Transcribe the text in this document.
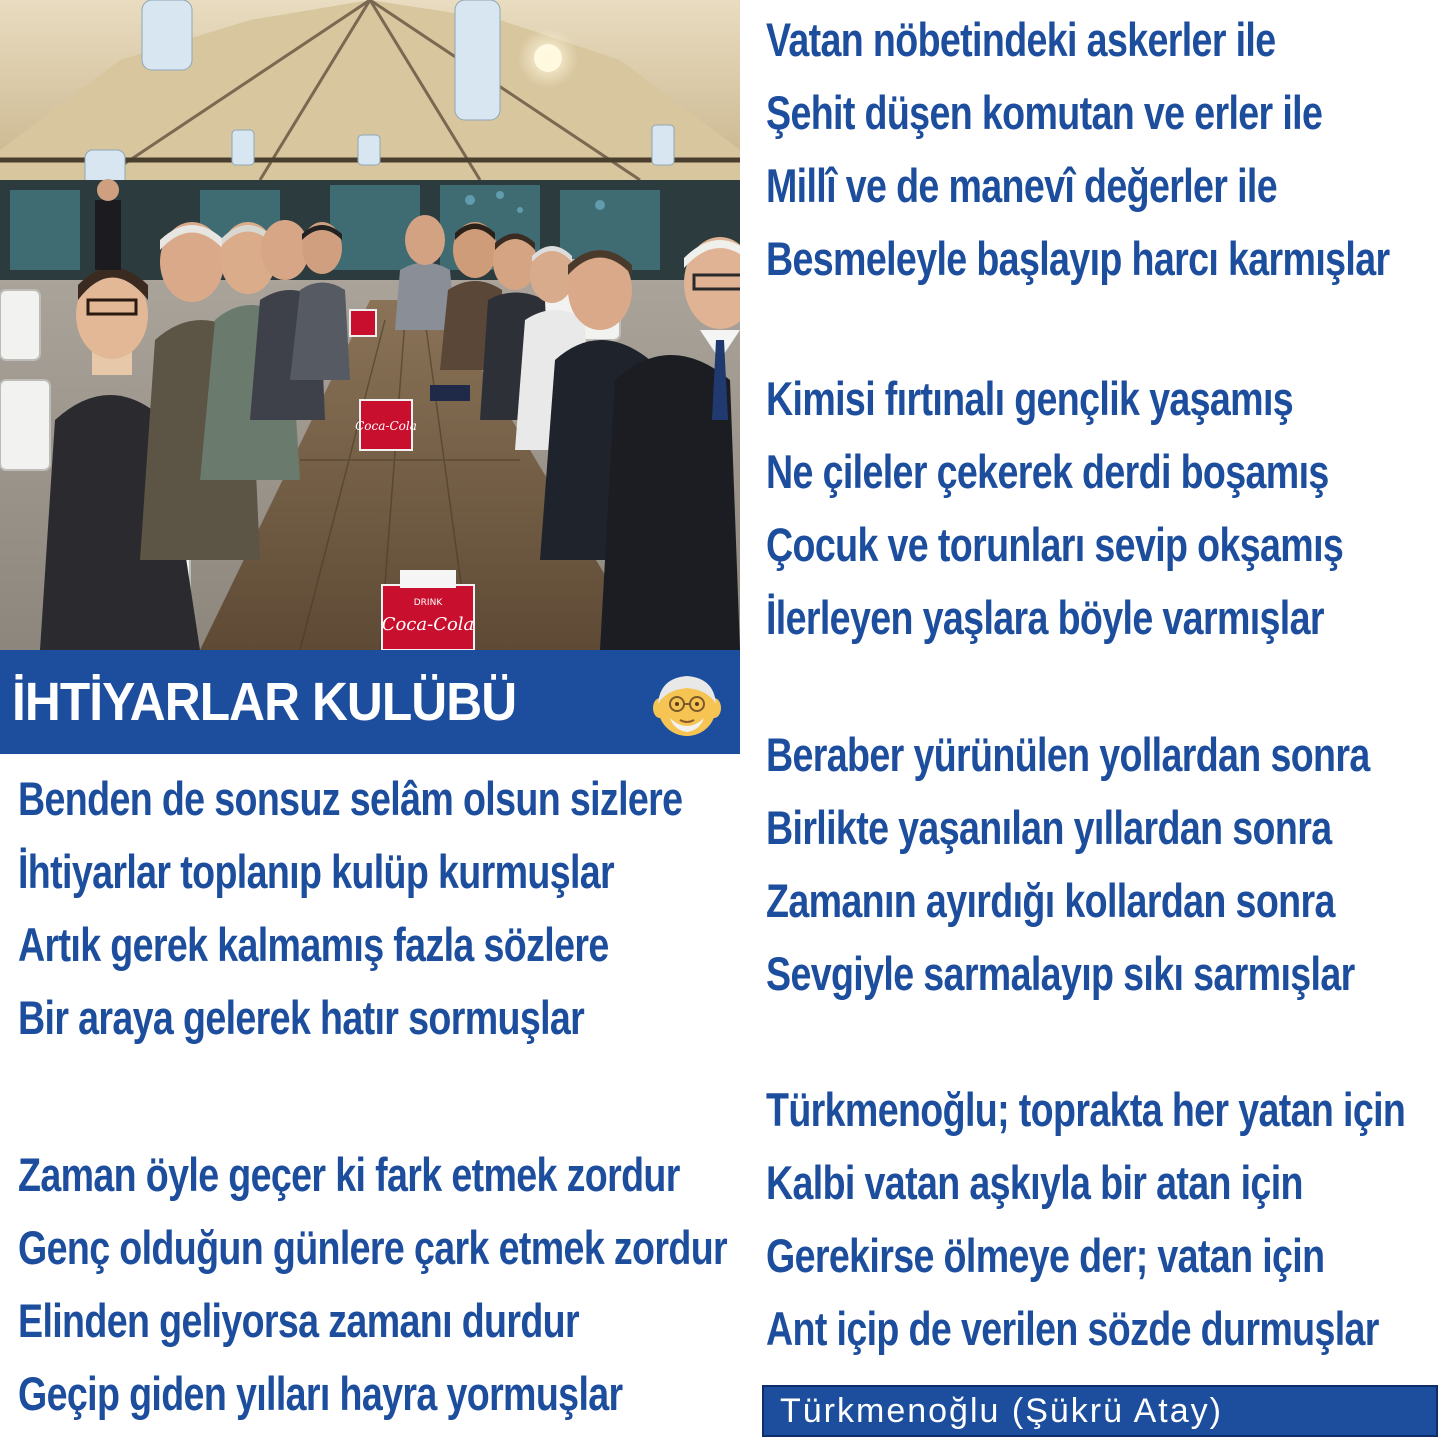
Coca-Cola
DRINK
Coca-Cola
İHTİYARLAR KULÜBÜ
Benden de sonsuz selâm olsun sizlere
İhtiyarlar toplanıp kulüp kurmuşlar
Artık gerek kalmamış fazla sözlere
Bir araya gelerek hatır sormuşlar
Zaman öyle geçer ki fark etmek zordur
Genç olduğun günlere çark etmek zordur
Elinden geliyorsa zamanı durdur
Geçip giden yılları hayra yormuşlar
Vatan nöbetindeki askerler ile
Şehit düşen komutan ve erler ile
Millî ve de manevî değerler ile
Besmeleyle başlayıp harcı karmışlar
Kimisi fırtınalı gençlik yaşamış
Ne çileler çekerek derdi boşamış
Çocuk ve torunları sevip okşamış
İlerleyen yaşlara böyle varmışlar
Beraber yürünülen yollardan sonra
Birlikte yaşanılan yıllardan sonra
Zamanın ayırdığı kollardan sonra
Sevgiyle sarmalayıp sıkı sarmışlar
Türkmenoğlu; toprakta her yatan için
Kalbi vatan aşkıyla bir atan için
Gerekirse ölmeye der; vatan için
Ant içip de verilen sözde durmuşlar
Türkmenoğlu (Şükrü Atay)
